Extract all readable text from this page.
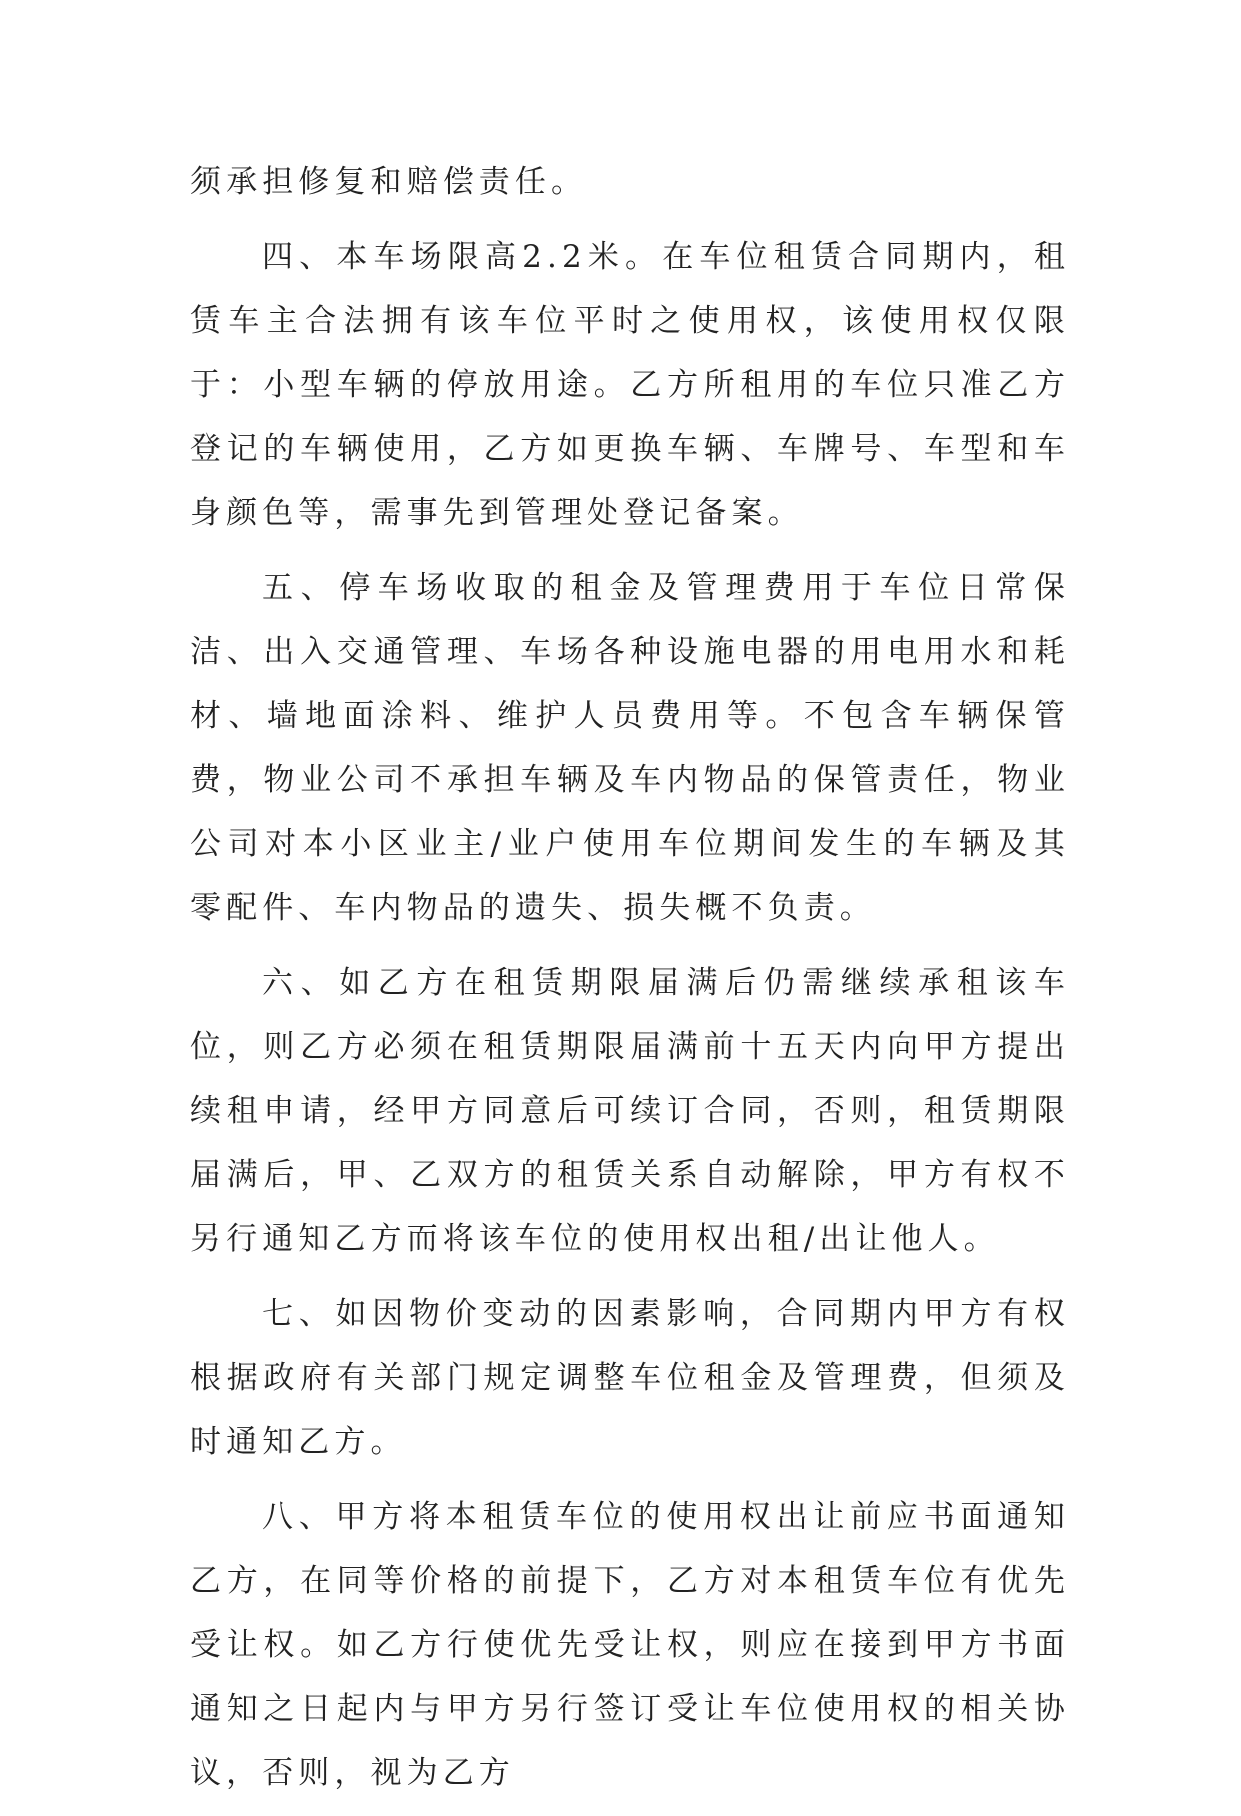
须承担修复和赔偿责任。

四、本车场限高2.2米。在车位租赁合同期内，租赁车主合法拥有该车位平时之使用权，该使用权仅限于：小型车辆的停放用途。乙方所租用的车位只准乙方登记的车辆使用，乙方如更换车辆、车牌号、车型和车身颜色等，需事先到管理处登记备案。

五、停车场收取的租金及管理费用于车位日常保洁、出入交通管理、车场各种设施电器的用电用水和耗材、墙地面涂料、维护人员费用等。不包含车辆保管费，物业公司不承担车辆及车内物品的保管责任，物业公司对本小区业主/业户使用车位期间发生的车辆及其零配件、车内物品的遗失、损失概不负责。

六、如乙方在租赁期限届满后仍需继续承租该车位，则乙方必须在租赁期限届满前十五天内向甲方提出续租申请，经甲方同意后可续订合同，否则，租赁期限届满后，甲、乙双方的租赁关系自动解除，甲方有权不另行通知乙方而将该车位的使用权出租/出让他人。

七、如因物价变动的因素影响，合同期内甲方有权根据政府有关部门规定调整车位租金及管理费，但须及时通知乙方。

八、甲方将本租赁车位的使用权出让前应书面通知乙方，在同等价格的前提下，乙方对本租赁车位有优先受让权。如乙方行使优先受让权，则应在接到甲方书面通知之日起内与甲方另行签订受让车位使用权的相关协议，否则，视为乙方
